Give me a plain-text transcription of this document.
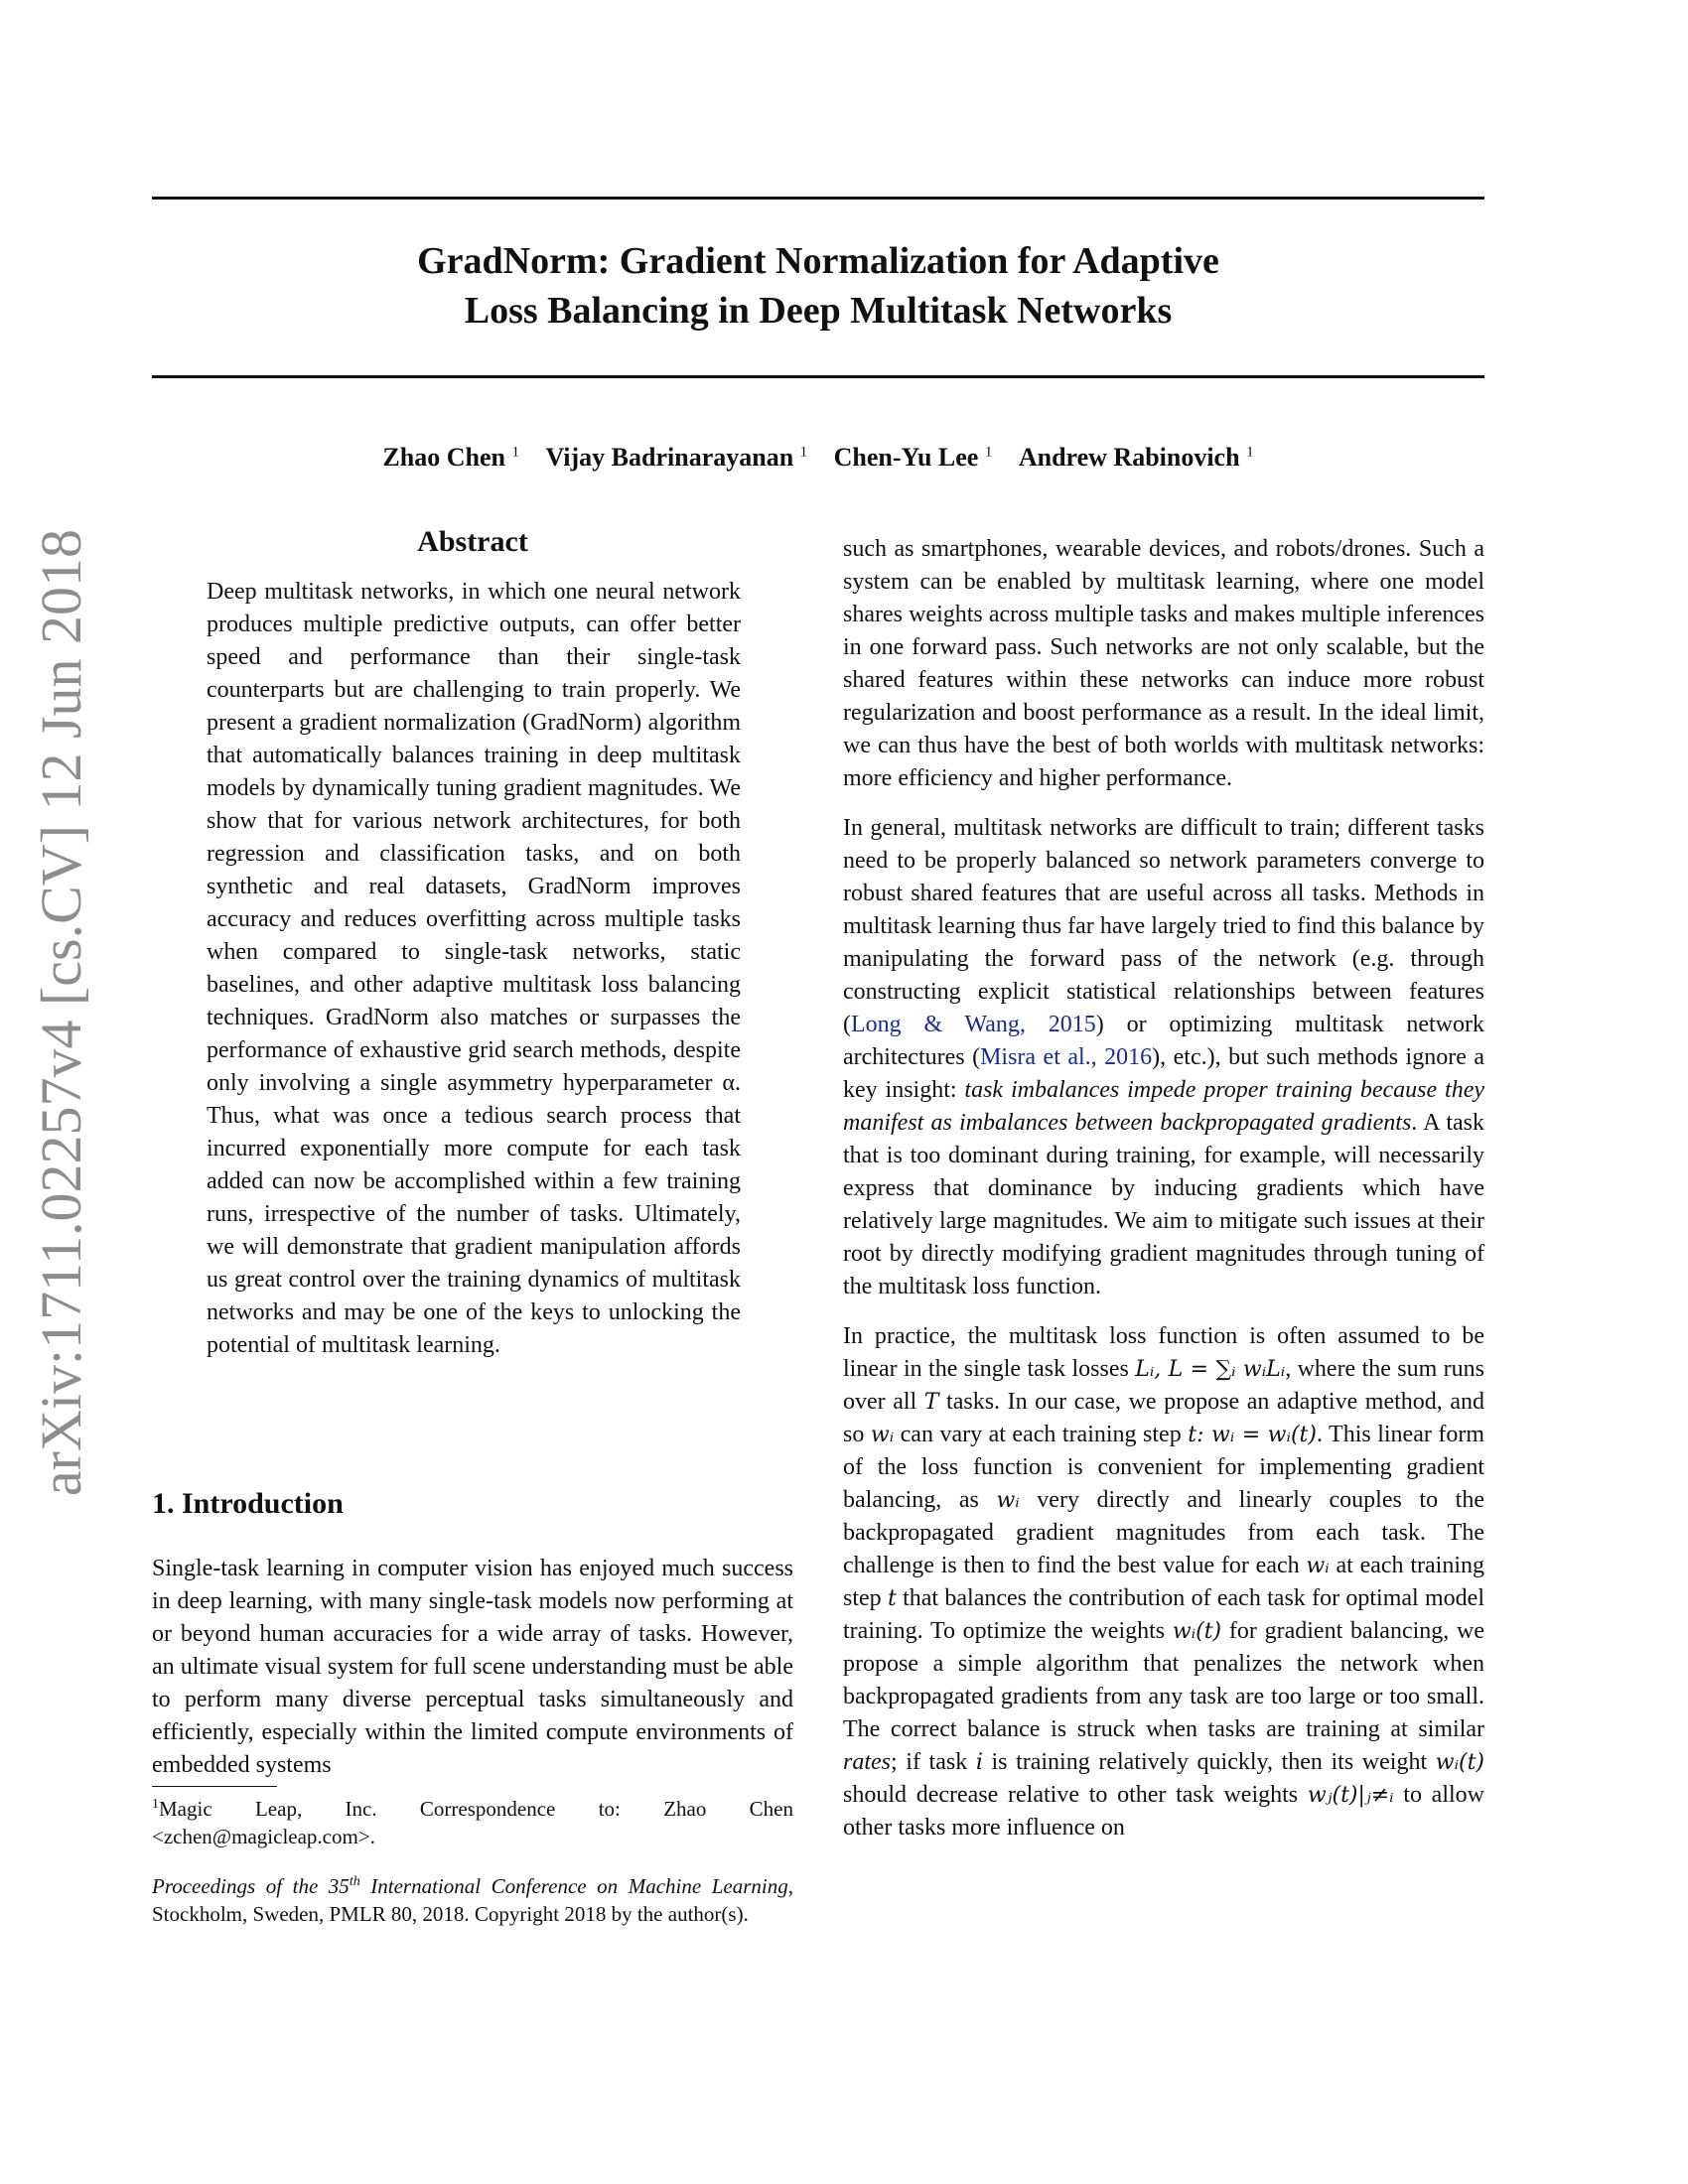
GradNorm: Gradient Normalization for Adaptive
Loss Balancing in Deep Multitask Networks
Zhao Chen $^1$ Vijay Badrinarayanan $^1$ Chen-Yu Lee $^1$ Andrew Rabinovich $^1$
arXiv:1711.02257v4 [cs.CV] 12 Jun 2018	Abstract
Deep multitask networks, in which one neural network produces multiple predictive outputs, can offer better speed and performance than their single-task counterparts but are challenging to train properly. We present a gradient normalization (GradNorm) algorithm that automatically balances training in deep multitask models by dynamically tuning gradient magnitudes. We show that for various network architectures, for both regression and classification tasks, and on both synthetic and real datasets, GradNorm improves accuracy and reduces overfitting across multiple tasks when compared to single-task networks, static baselines, and other adaptive multitask loss balancing techniques. GradNorm also matches or surpasses the performance of exhaustive grid search methods, despite only involving a single asymmetry hyperparameter α. Thus, what was once a tedious search process that incurred exponentially more compute for each task added can now be accomplished within a few training runs, irrespective of the number of tasks. Ultimately, we will demonstrate that gradient manipulation affords us great control over the training dynamics of multitask networks and may be one of the keys to unlocking the potential of multitask learning.
1. Introduction
Single-task learning in computer vision has enjoyed much success in deep learning, with many single-task models now performing at or beyond human accuracies for a wide array of tasks. However, an ultimate visual system for full scene understanding must be able to perform many diverse perceptual tasks simultaneously and efficiently, especially within the limited compute environments of embedded systems
$^1$Magic Leap, Inc. Correspondence to: Zhao Chen <zchen@magicleap.com>.
Proceedings of the 35th International Conference on Machine Learning, Stockholm, Sweden, PMLR 80, 2018. Copyright 2018 by the author(s).

such as smartphones, wearable devices, and robots/drones. Such a system can be enabled by multitask learning, where one model shares weights across multiple tasks and makes multiple inferences in one forward pass. Such networks are not only scalable, but the shared features within these networks can induce more robust regularization and boost performance as a result. In the ideal limit, we can thus have the best of both worlds with multitask networks: more efficiency and higher performance.

In general, multitask networks are difficult to train; different tasks need to be properly balanced so network parameters converge to robust shared features that are useful across all tasks. Methods in multitask learning thus far have largely tried to find this balance by manipulating the forward pass of the network (e.g. through constructing explicit statistical relationships between features (Long & Wang, 2015) or optimizing multitask network architectures (Misra et al., 2016), etc.), but such methods ignore a key insight: task imbalances impede proper training because they manifest as imbalances between backpropagated gradients. A task that is too dominant during training, for example, will necessarily express that dominance by inducing gradients which have relatively large magnitudes. We aim to mitigate such issues at their root by directly modifying gradient magnitudes through tuning of the multitask loss function.

In practice, the multitask loss function is often assumed to be linear in the single task losses Lᵢ, L = ∑ᵢ wᵢLᵢ, where the sum runs over all T tasks. In our case, we propose an adaptive method, and so wᵢ can vary at each training step t: wᵢ = wᵢ(t). This linear form of the loss function is convenient for implementing gradient balancing, as wᵢ very directly and linearly couples to the backpropagated gradient magnitudes from each task. The challenge is then to find the best value for each wᵢ at each training step t that balances the contribution of each task for optimal model training. To optimize the weights wᵢ(t) for gradient balancing, we propose a simple algorithm that penalizes the network when backpropagated gradients from any task are too large or too small. The correct balance is struck when tasks are training at similar rates; if task i is training relatively quickly, then its weight wᵢ(t) should decrease relative to other task weights wⱼ(t)|ⱼ≠ᵢ to allow other tasks more influence on
